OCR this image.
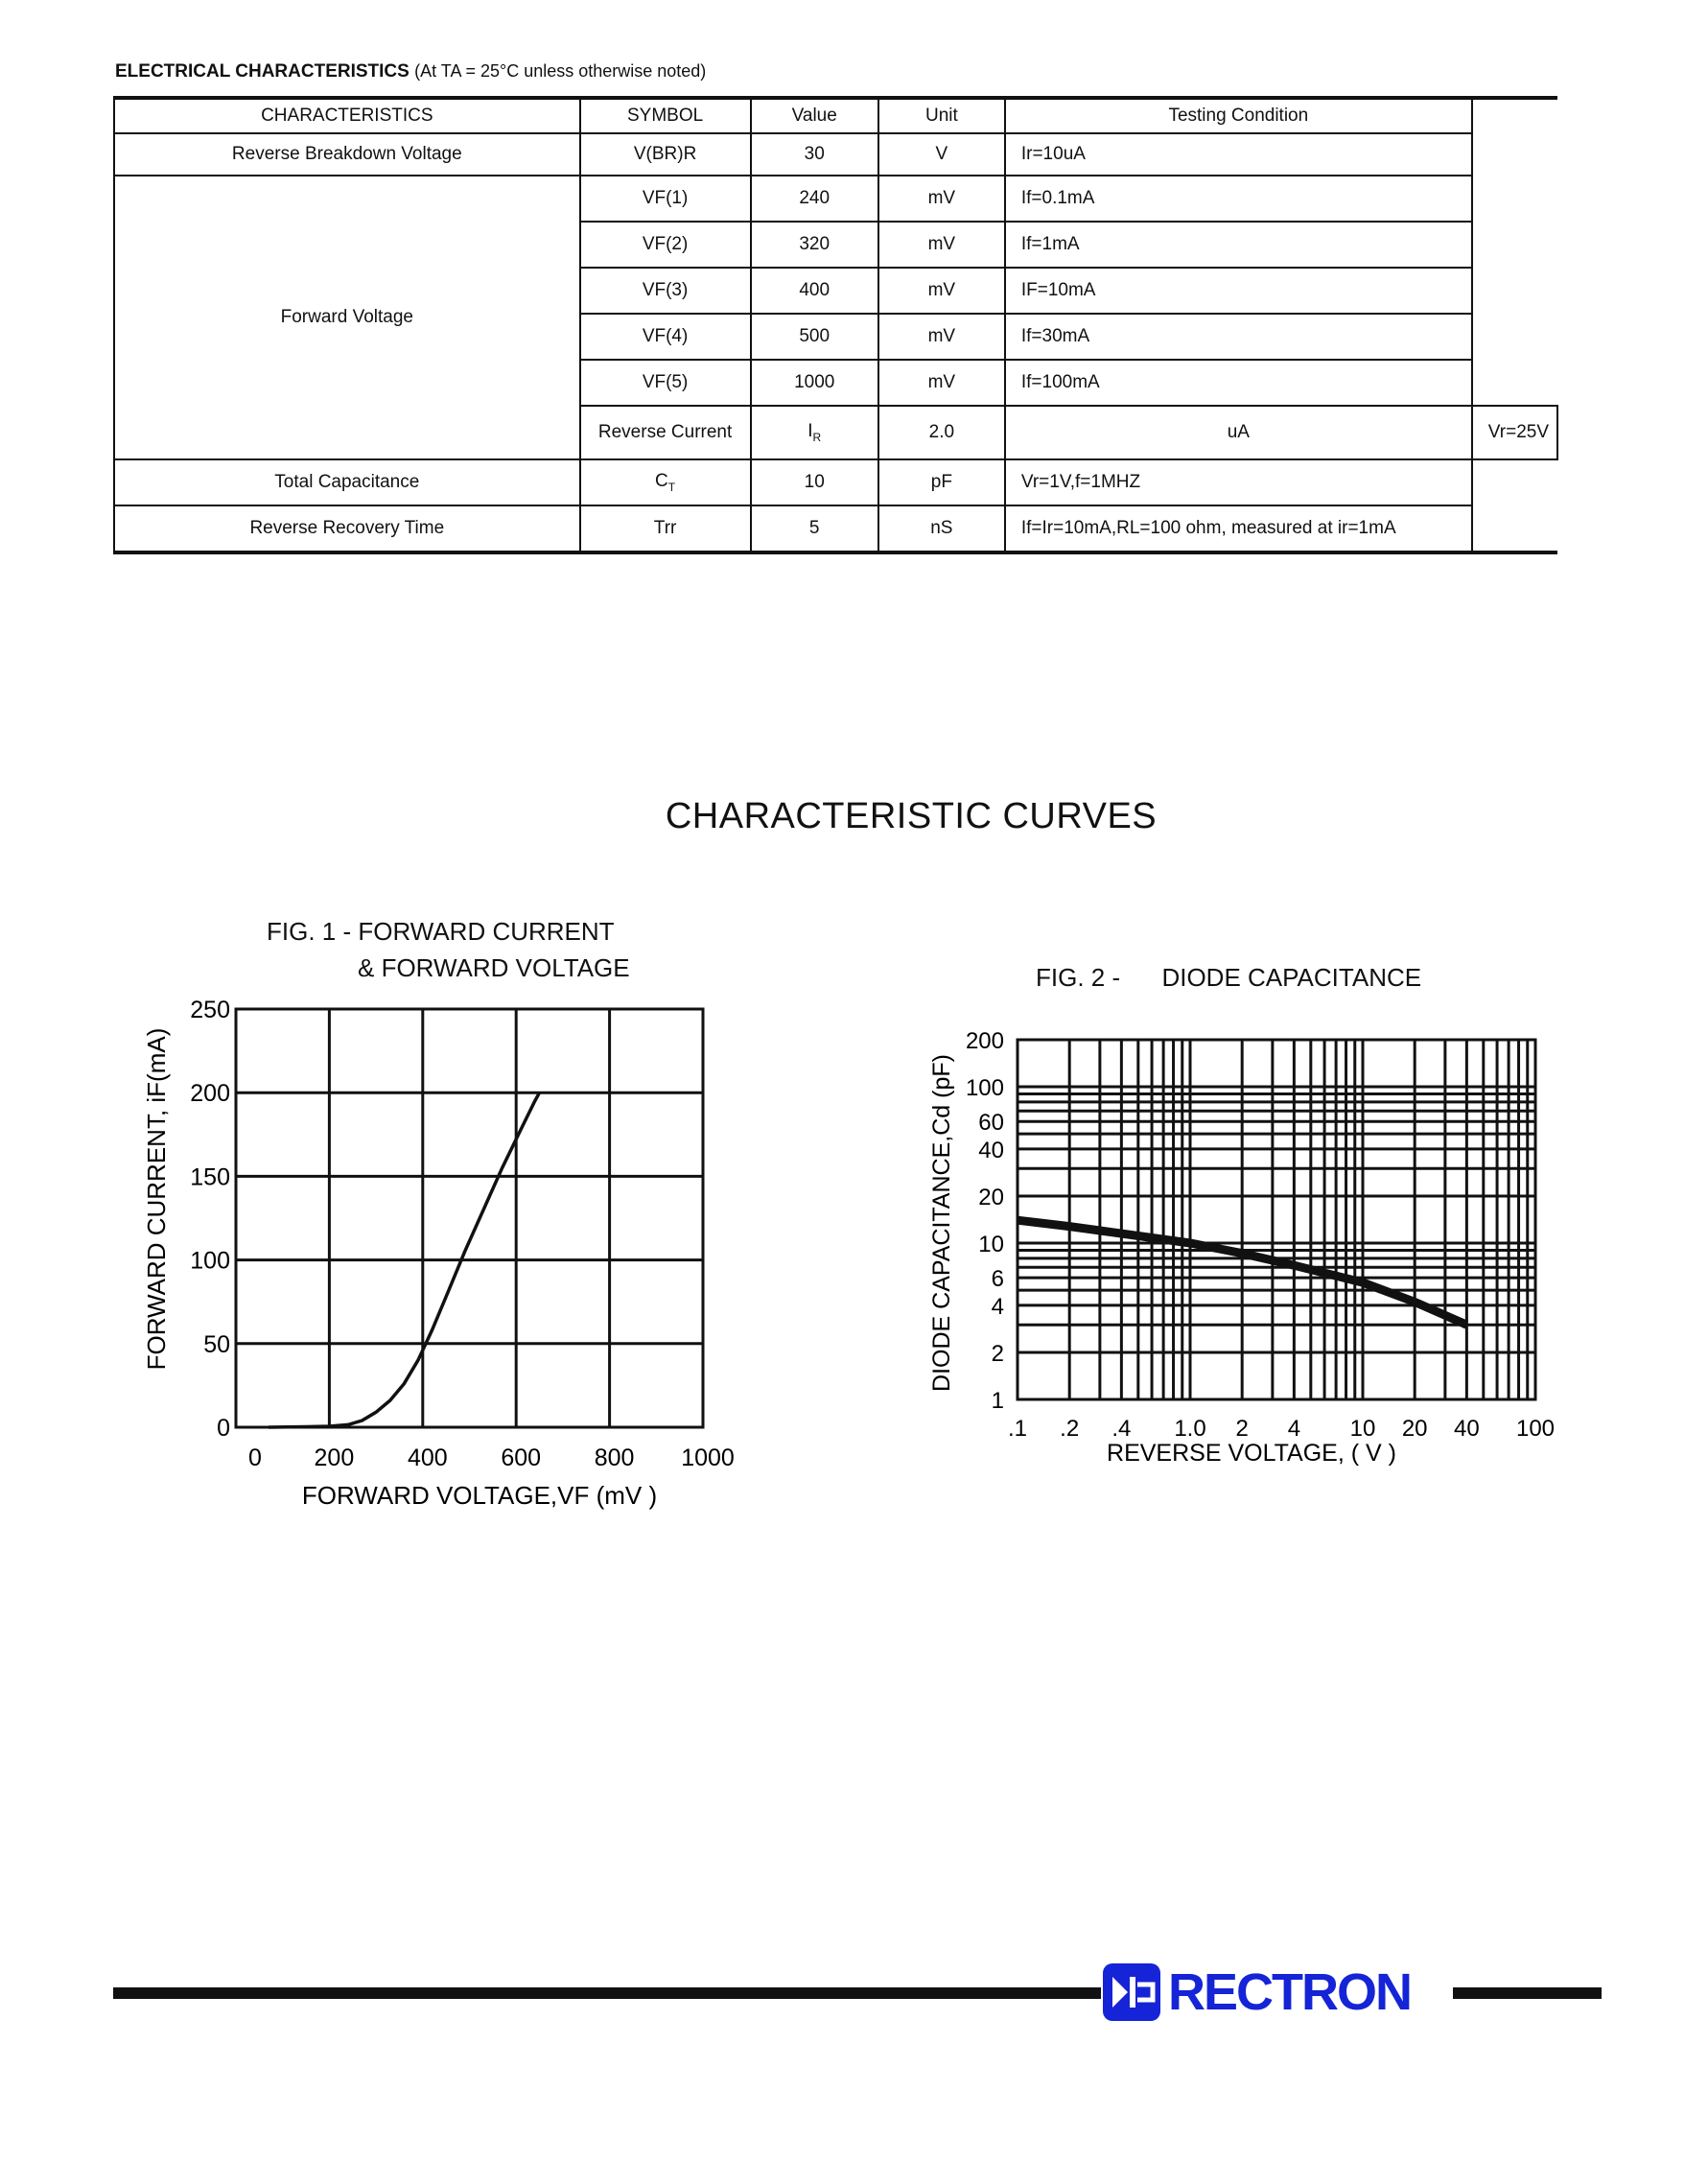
ELECTRICAL CHARACTERISTICS (At TA = 25°C unless otherwise noted)
CHARACTERISTICS	SYMBOL	Value	Unit	Testing Condition	
Reverse Breakdown Voltage	V(BR)R	30	V	Ir=10uA	
Forward Voltage	VF(1)	240	mV	If=0.1mA	
	VF(2)	320	mV	If=1mA	
	VF(3)	400	mV	IF=10mA	
	VF(4)	500	mV	If=30mA	
	VF(5)	1000	mV	If=100mA	
	Reverse Current	$I_R$	2.0	uA	Vr=25V
Total Capacitance	$C_T$	10	pF	Vr=1V,f=1MHZ	
Reverse Recovery Time	Trr	5	nS	If=Ir=10mA,RL=100 ohm, measured at ir=1mA	
CHARACTERISTIC CURVES
FIG. 1 - FORWARD CURRENT
& FORWARD VOLTAGE	FIG. 2 -      DIODE CAPACITANCE
0 200 400 600 800 1000
0
50
100
150
200
250
FORWARD VOLTAGE,VF (mV )
FORWARD CURRENT, iF(mA)
.1 .2 .4 1.0 2 4 10 20 40 100
1
2
4
6
10
20
40
60
100
200
REVERSE VOLTAGE, ( V )
DIODE CAPACITANCE,Cd (pF)
RECTRON
